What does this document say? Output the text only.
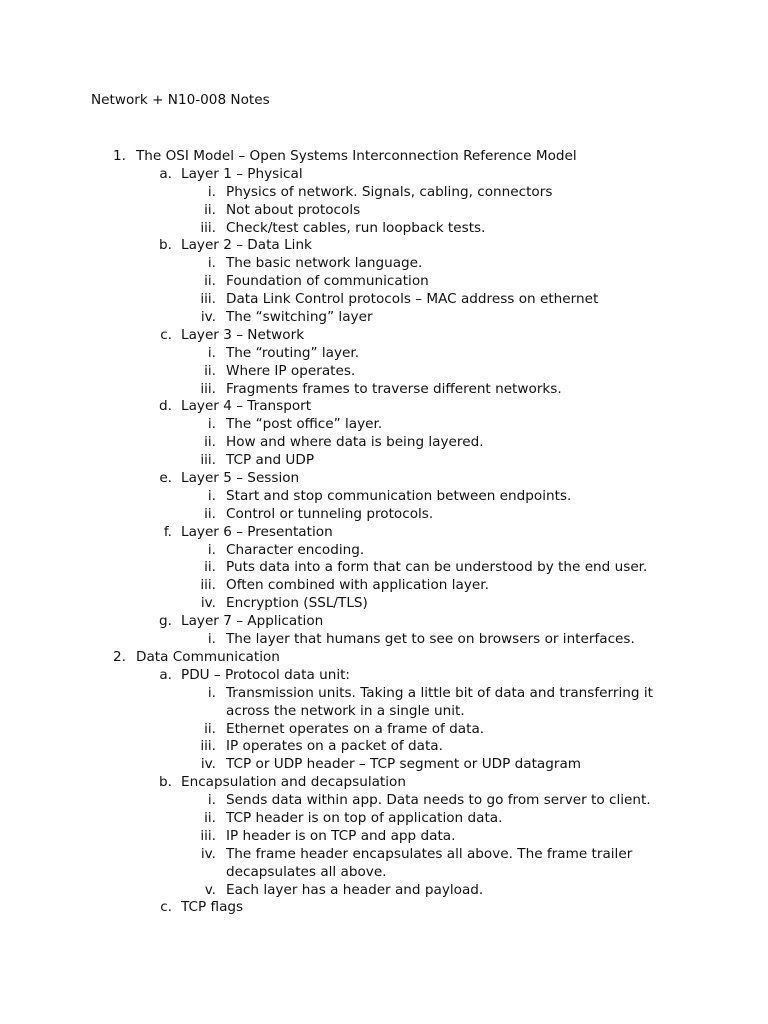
Network + N10-008 Notes
1. The OSI Model – Open Systems Interconnection Reference Model
a. Layer 1 – Physical
i. Physics of network. Signals, cabling, connectors
ii. Not about protocols
iii. Check/test cables, run loopback tests.
b. Layer 2 – Data Link
i. The basic network language.
ii. Foundation of communication
iii. Data Link Control protocols – MAC address on ethernet
iv. The “switching” layer
c. Layer 3 – Network
i. The “routing” layer.
ii. Where IP operates.
iii. Fragments frames to traverse different networks.
d. Layer 4 – Transport
i. The “post office” layer.
ii. How and where data is being layered.
iii. TCP and UDP
e. Layer 5 – Session
i. Start and stop communication between endpoints.
ii. Control or tunneling protocols.
f. Layer 6 – Presentation
i. Character encoding.
ii. Puts data into a form that can be understood by the end user.
iii. Often combined with application layer.
iv. Encryption (SSL/TLS)
g. Layer 7 – Application
i. The layer that humans get to see on browsers or interfaces.
2. Data Communication
a. PDU – Protocol data unit:
i. Transmission units. Taking a little bit of data and transferring it
across the network in a single unit.
ii. Ethernet operates on a frame of data.
iii. IP operates on a packet of data.
iv. TCP or UDP header – TCP segment or UDP datagram
b. Encapsulation and decapsulation
i. Sends data within app. Data needs to go from server to client.
ii. TCP header is on top of application data.
iii. IP header is on TCP and app data.
iv. The frame header encapsulates all above. The frame trailer
decapsulates all above.
v. Each layer has a header and payload.
c. TCP flags
